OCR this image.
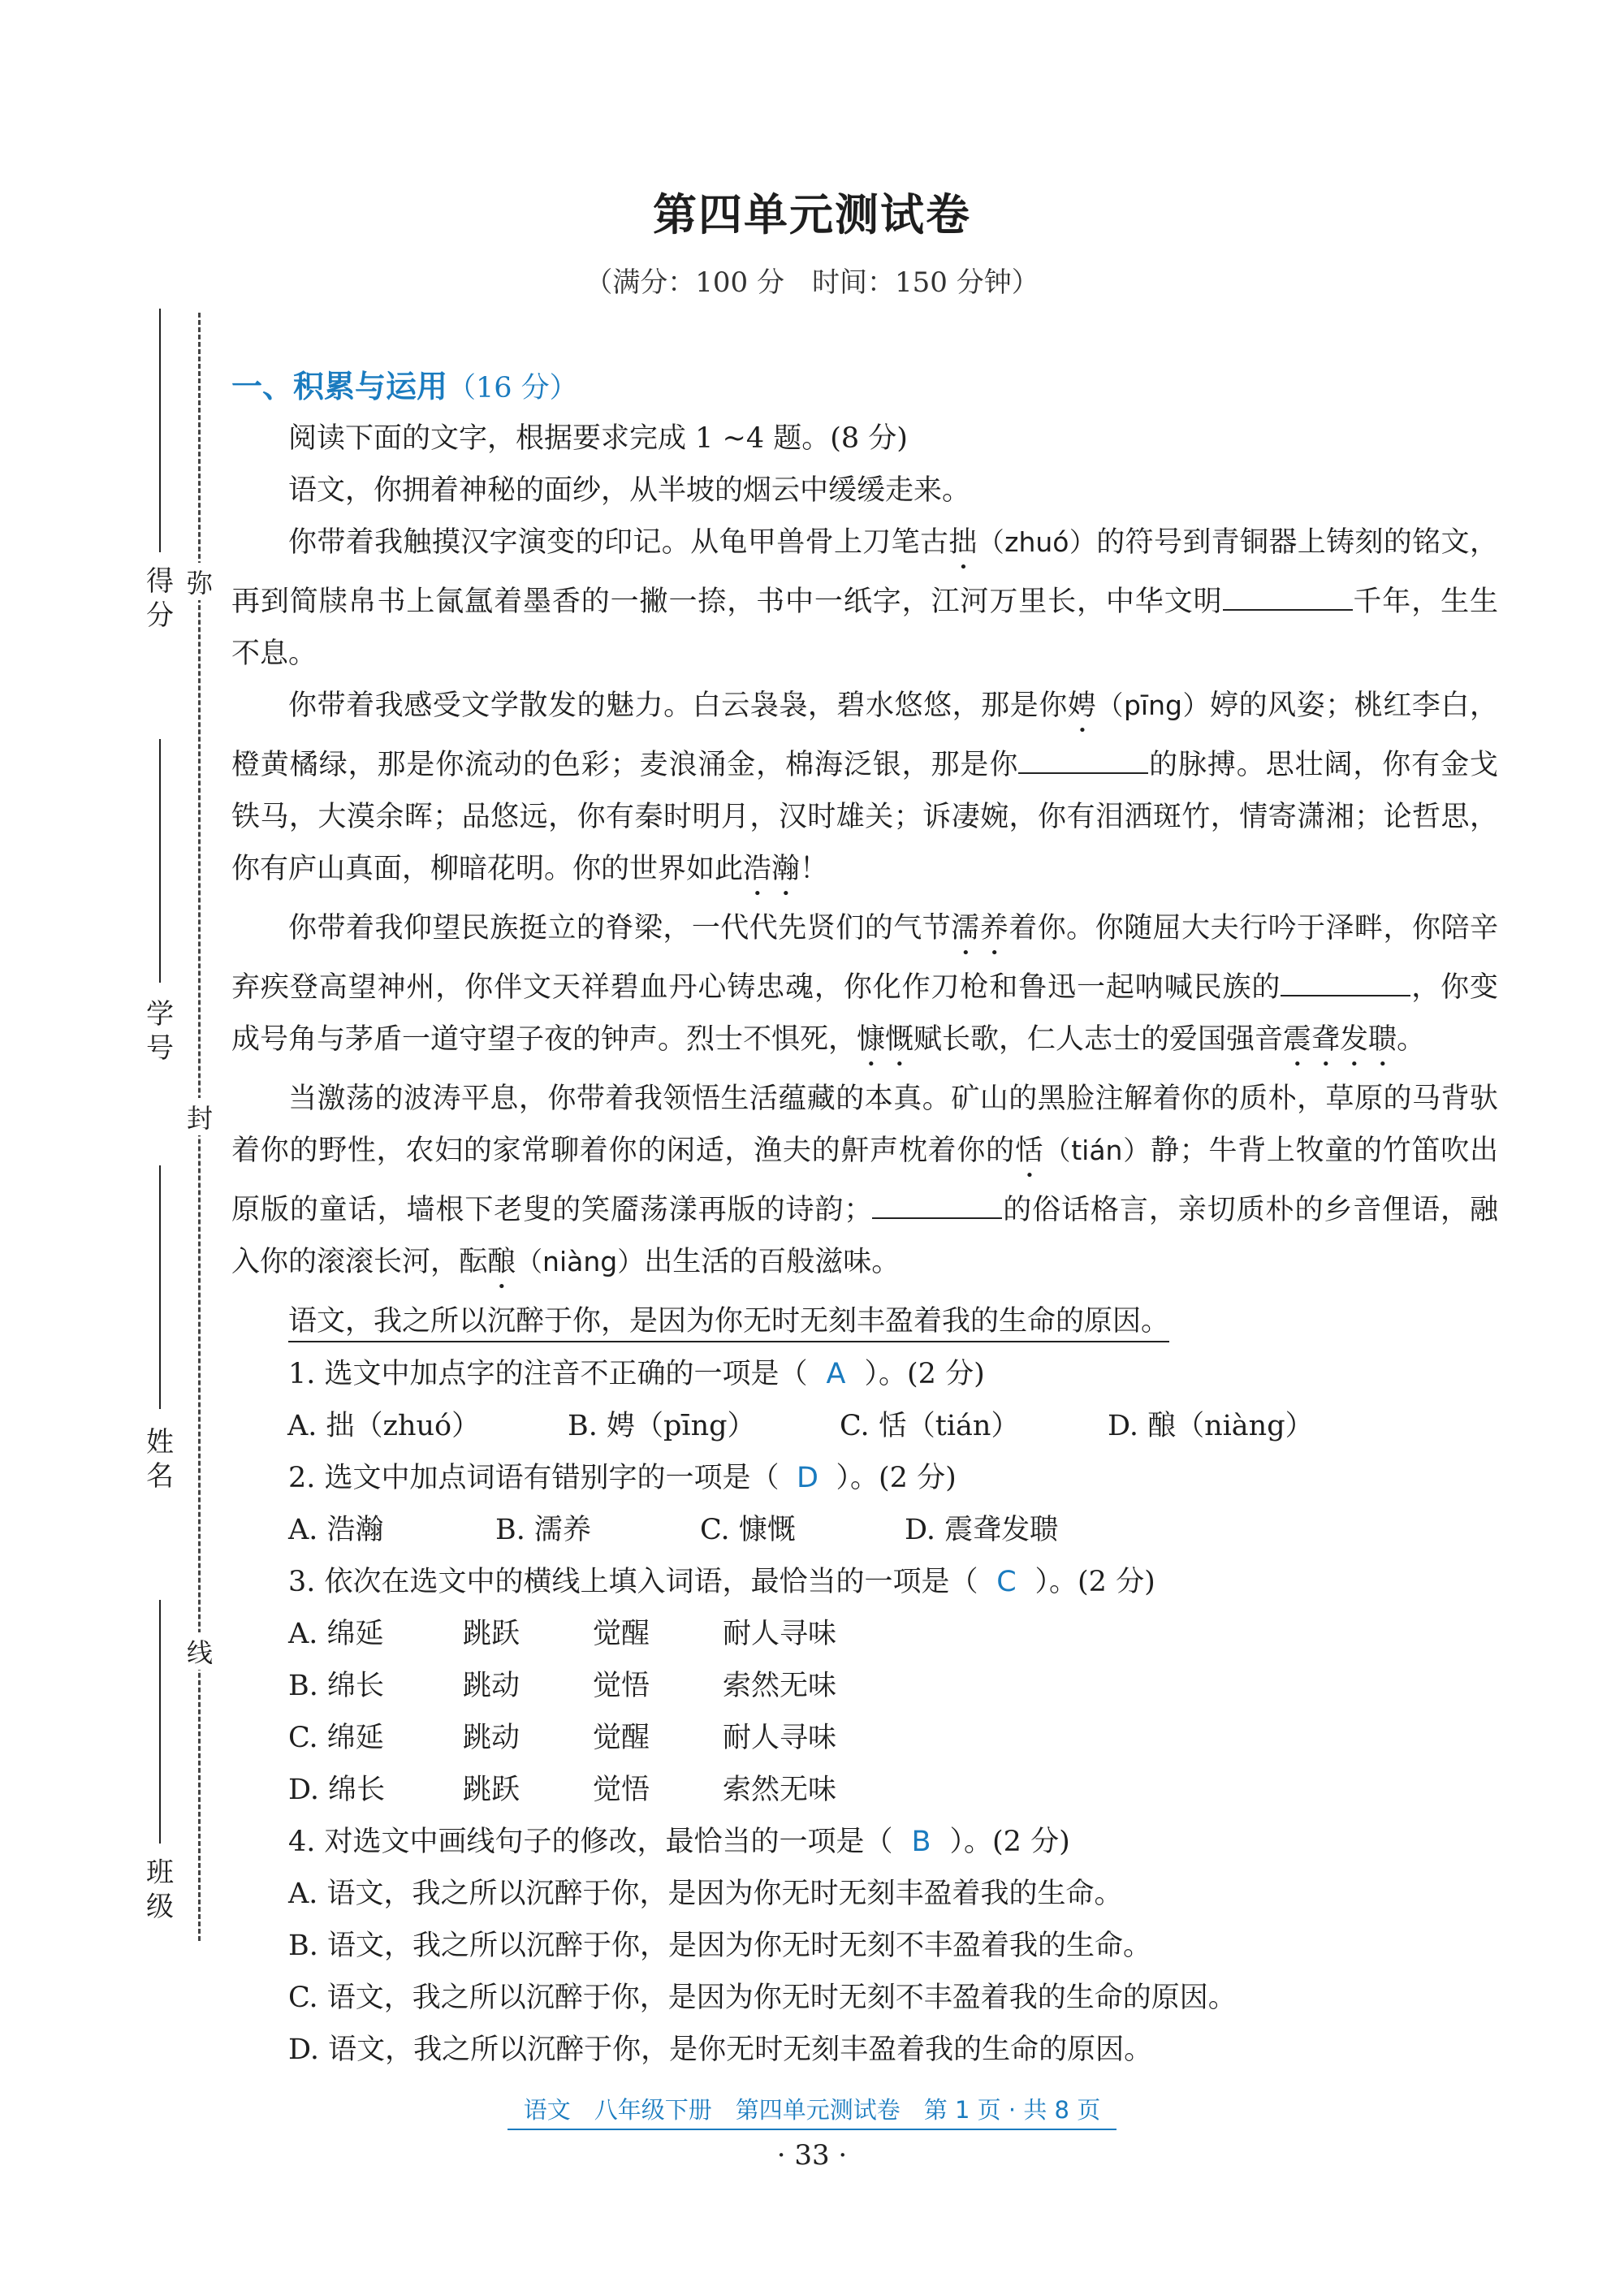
第四单元测试卷
（满分：100 分　时间：150 分钟）
得分
学号
姓名
班级
弥
封
线
一、积累与运用（16 分）

阅读下面的文字，根据要求完成 1 ~4 题。(8 分)

语文，你拥着神秘的面纱，从半坡的烟云中缓缓走来。

你带着我触摸汉字演变的印记。从龟甲兽骨上刀笔古拙（zhuó）的符号到青铜器上铸刻的铭文，再到简牍帛书上氤氲着墨香的一撇一捺，书中一纸字，江河万里长，中华文明	千年，生生不息。

你带着我感受文学散发的魅力。白云袅袅，碧水悠悠，那是你娉（pīng）婷的风姿；桃红李白，橙黄橘绿，那是你流动的色彩；麦浪涌金，棉海泛银，那是你	的脉搏。思壮阔，你有金戈铁马，大漠余晖；品悠远，你有秦时明月，汉时雄关；诉凄婉，你有泪洒斑竹，情寄潇湘；论哲思，你有庐山真面，柳暗花明。你的世界如此浩瀚！

你带着我仰望民族挺立的脊梁，一代代先贤们的气节濡养着你。你随屈大夫行吟于泽畔，你陪辛弃疾登高望神州，你伴文天祥碧血丹心铸忠魂，你化作刀枪和鲁迅一起呐喊民族的	，你变成号角与茅盾一道守望子夜的钟声。烈士不惧死，慷慨赋长歌，仁人志士的爱国强音震聋发聩。

当激荡的波涛平息，你带着我领悟生活蕴藏的本真。矿山的黑脸注解着你的质朴，草原的马背驮着你的野性，农妇的家常聊着你的闲适，渔夫的鼾声枕着你的恬（tián）静；牛背上牧童的竹笛吹出原版的童话，墙根下老叟的笑靥荡漾再版的诗韵；	的俗话格言，亲切质朴的乡音俚语，融入你的滚滚长河，酝酿（niàng）出生活的百般滋味。

语文，我之所以沉醉于你，是因为你无时无刻丰盈着我的生命的原因。

1. 选文中加点字的注音不正确的一项是（ A ）。(2 分)

A. 拙（zhuó）	B. 娉（pīng）	C. 恬（tián）	D. 酿（niàng）

2. 选文中加点词语有错别字的一项是（ D ）。(2 分)

A. 浩瀚	B. 濡养	C. 慷慨	D. 震聋发聩

3. 依次在选文中的横线上填入词语，最恰当的一项是（ C ）。(2 分)

A. 绵延	跳跃	觉醒	耐人寻味

B. 绵长	跳动	觉悟	索然无味

C. 绵延	跳动	觉醒	耐人寻味

D. 绵长	跳跃	觉悟	索然无味

4. 对选文中画线句子的修改，最恰当的一项是（ B ）。(2 分)

A. 语文，我之所以沉醉于你，是因为你无时无刻丰盈着我的生命。

B. 语文，我之所以沉醉于你，是因为你无时无刻不丰盈着我的生命。

C. 语文，我之所以沉醉于你，是因为你无时无刻不丰盈着我的生命的原因。

D. 语文，我之所以沉醉于你，是你无时无刻丰盈着我的生命的原因。

语文　八年级下册　第四单元测试卷　第 1 页 · 共 8 页
· 33 ·
